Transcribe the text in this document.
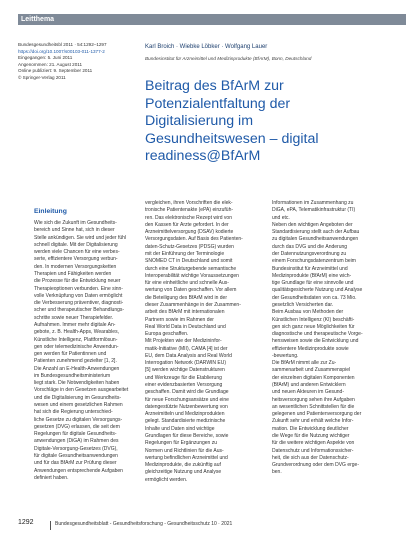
Leitthema
Bundesgesundheitsbl 2011 · 54:1292–1297
https://doi.org/10.1007/s00103-011-1377-2
Eingegangen: 5. Juni 2011
Angenommen: 21. August 2011
Online publiziert: 9. September 2011
© Springer-Verlag 2011
Karl Broich · Wiebke Löbker · Wolfgang Lauer
Bundesinstitut für Arzneimittel und Medizinprodukte (BfArM), Bonn, Deutschland
Beitrag des BfArM zur
Potenzialentfaltung der
Digitalisierung im
Gesundheitswesen – digital
readiness@BfArM
Einleitung
Wie sich die Zukunft im Gesundheits-
bereich und Sinne hat, sich in dieser
Stelle ankündigen. Sie wird und jeder fühl
schnell digitale. Mit der Digitalisierung
werden viele Chancen für eine verbes-
serte, effizientere Versorgung verbun-
den. In modernen Versorgungsketten
Therapien und Fähigkeiten werden
die Prozesse für die Entwicklung neuer
Therapieoptionen verbunden. Eine sinn-
volle Verknüpfung von Daten ermöglicht
die Verbesserung präventiver, diagnosti-
scher und therapeutischer Behandlungs-
schritte sowie neuer Therapiefelder.
Aufnahmen. Immer mehr digitale An-
gebote, z. B. Health-Apps, Wearables,
Künstliche Intelligenz, Plattformlösun-
gen oder telemedizinische Anwendun-
gen werden für Patientinnen und
Patienten zunehmend gezielter [1, 2].
Die Anzahl an E-Health-Anwendungen
im Bundesgesundheitsministerium
liegt stark. Die Notwendigkeiten haben
Vorschläge in den Gesetzen ausgearbeitet
und die Digitalisierung im Gesundheits-
wesen und einem gesetzlichen Rahmen
hat sich die Regierung unterschied-
liche Gesetze zu digitalen Versorgungs-
gesetzen (DVG) erlassen, die seit dem
Regelungen für digitale Gesundheits-
anwendungen (DiGA) im Rahmen des
Digitale-Versorgung-Gesetzes (DVG),
für digitale Gesundheitsanwendungen
und für das BfArM zur Prüfung dieser
Anwendungen entsprechende Aufgaben
definiert haben.
vergleichen, ihren Vorschriften die elek-
tronische Patientenakte (ePA) einzufüh-
ren. Das elektronische Rezept wird von
den Kassen für Ärzte gefordert. In der
Arzneimittelversorgung (DSAV) kodierte
Versorgungsdaten. Auf Basis des Patienten-
daten-Schutz-Gesetzes (PDSG) wurden
mit der Einführung der Terminologie
SNOMED CT in Deutschland und somit
durch eine Strukturgebende semantische
Interoperabilität wichtige Voraussetzungen
für eine einheitliche und schnelle Aus-
wertung von Daten geschaffen. Vor allem
die Beteiligung des BfArM wird in der
dieser Zusammenhänge in der Zusammen-
arbeit des BfArM mit internationalen
Partnern sowie im Rahmen der
Real World Data in Deutschland und
Europa geschaffen.
Mit Projekten wie der Medizininfor-
matik-Initiative (MII), CAMA [4] ist der
EU, dem Data Analysis and Real World
Interrogation Network (DARWIN EU)
[5] werden wichtige Datenstrukturen
und Werkzeuge für die Etablierung
einer evidenzbasierten Versorgung
geschaffen. Damit wird die Grundlage
für neue Forschungsansätze und eine
datengestützte Nutzenbewertung von
Arzneimitteln und Medizinprodukten
gelegt. Standardisierte medizinische
Inhalte und Daten sind wichtige
Grundlagen für diese Bereiche, sowie
Regelungen für Ergänzungen zu
Normen und Richtlinien für die Aus-
wertung befindlichen Arzneimittel und
Medizinprodukte, die zukünftig auf
gleichzeitige Nutzung und Analyse
ermöglicht werden.
Informationen im Zusammenhang zu
DiGA, ePA, Telematikinfrastruktur (TI)
und etc.
Neben den wichtigen Angeboten der
Standardisierung stellt auch der Aufbau
zu digitalen Gesundheitsanwendungen
durch das DVG und die Änderung
der Datennutzungsverordnung zu
einem Forschungsdatenzentrum beim
Bundesinstitut für Arzneimittel und
Medizinprodukte (BfArM) eine wich-
tige Grundlage für eine sinnvolle und
qualitätsgesicherte Nutzung und Analyse
der Gesundheitsdaten von ca. 73 Mio.
gesetzlich Versicherten dar.
Beim Ausbau von Methoden der
Künstlichen Intelligenz (KI) beschäfti-
gen sich ganz neue Möglichkeiten für
diagnostische und therapeutische Vorge-
hensweisen sowie die Entwicklung und
effizientere Medizinprodukte sowie
-bewertung.
Die BfArM nimmt alle zur Zu-
sammenarbeit und Zusammenspiel
der einzelnen digitalen Komponenten
(BfArM) und anderen Entwicklern
und neuen Akteuren im Gesund-
heitsversorgung sehen ihre Aufgaben
an wesentlichen Schnittstellen für die
gelegenen und Patientenversorgung der
Zukunft sehr und erhält welche Infor-
mation. Die Entwicklung deutlicher
die Wege für die Nutzung wichtiger
für die weitere wichtigen Aspekte von
Datenschutz und Informationssicher-
heit, die sich aus der Datenschutz-
Grundverordnung oder dem DVG erge-
ben.
1292	Bundesgesundheitsblatt - Gesundheitsforschung - Gesundheitsschutz 10 · 2021
